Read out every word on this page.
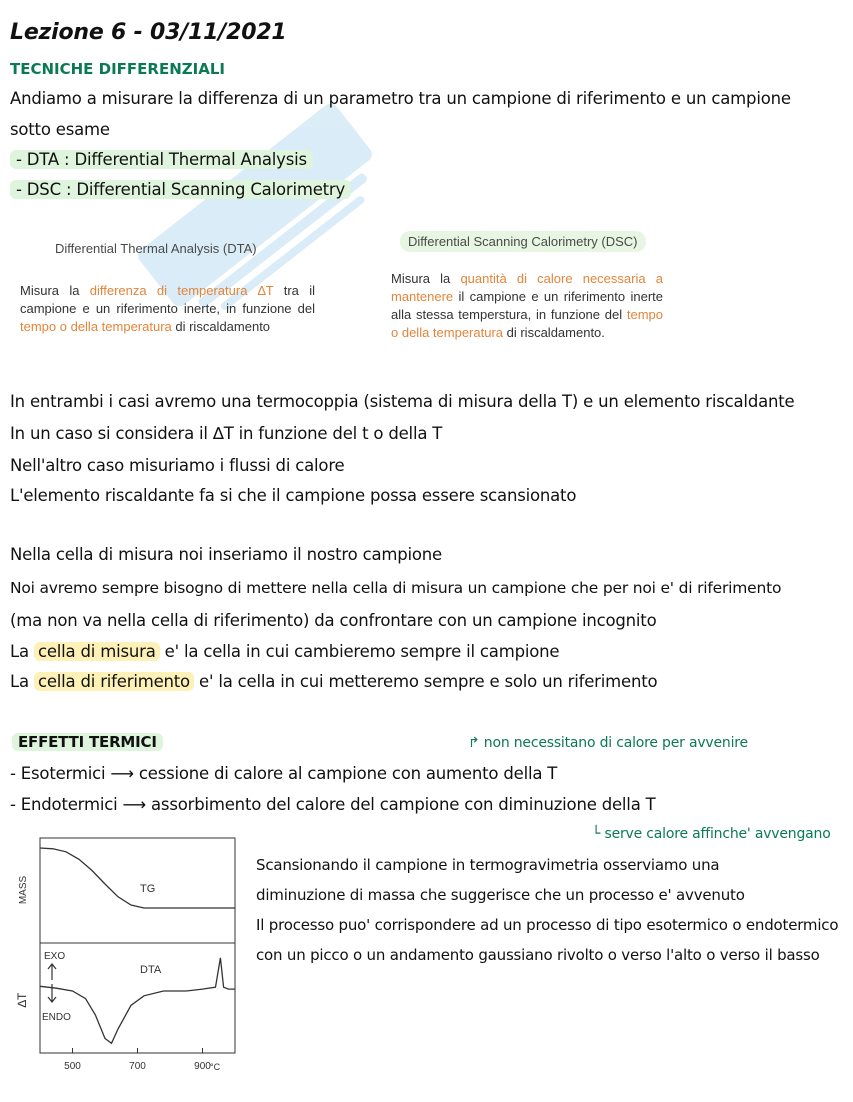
Lezione 6 - 03/11/2021
TECNICHE DIFFERENZIALI
Andiamo a misurare la differenza di un parametro tra un campione di riferimento e un campione
sotto esame
- DTA : Differential Thermal Analysis
- DSC : Differential Scanning Calorimetry
Differential Thermal Analysis (DTA)
Misura la differenza di temperatura ∆T tra il campione e un riferimento inerte, in funzione del tempo o della temperatura di riscaldamento
Differential Scanning Calorimetry (DSC)
Misura la quantità di calore necessaria a mantenere il campione e un riferimento inerte alla stessa temperstura, in funzione del tempo o della temperatura di riscaldamento.
In entrambi i casi avremo una termocoppia (sistema di misura della T) e un elemento riscaldante
In un caso si considera il ∆T in funzione del t o della T
Nell'altro caso misuriamo i flussi di calore
L'elemento riscaldante fa si che il campione possa essere scansionato
Nella cella di misura noi inseriamo il nostro campione
Noi avremo sempre bisogno di mettere nella cella di misura un campione che per noi e' di riferimento
(ma non va nella cella di riferimento) da confrontare con un campione incognito
La cella di misura e' la cella in cui cambieremo sempre il campione
La cella di riferimento e' la cella in cui metteremo sempre e solo un riferimento
EFFETTI TERMICI	↱ non necessitano di calore per avvenire
- Esotermici ⟶ cessione di calore al campione con aumento della T
- Endotermici ⟶ assorbimento del calore del campione con diminuzione della T
└ serve calore affinche' avvengano
MASS
∆T
TG
DTA
EXO
ENDO
500	700	900 °C
Scansionando il campione in termogravimetria osserviamo una
diminuzione di massa che suggerisce che un processo e' avvenuto
Il processo puo' corrispondere ad un processo di tipo esotermico o endotermico
con un picco o un andamento gaussiano rivolto o verso l'alto o verso il basso
